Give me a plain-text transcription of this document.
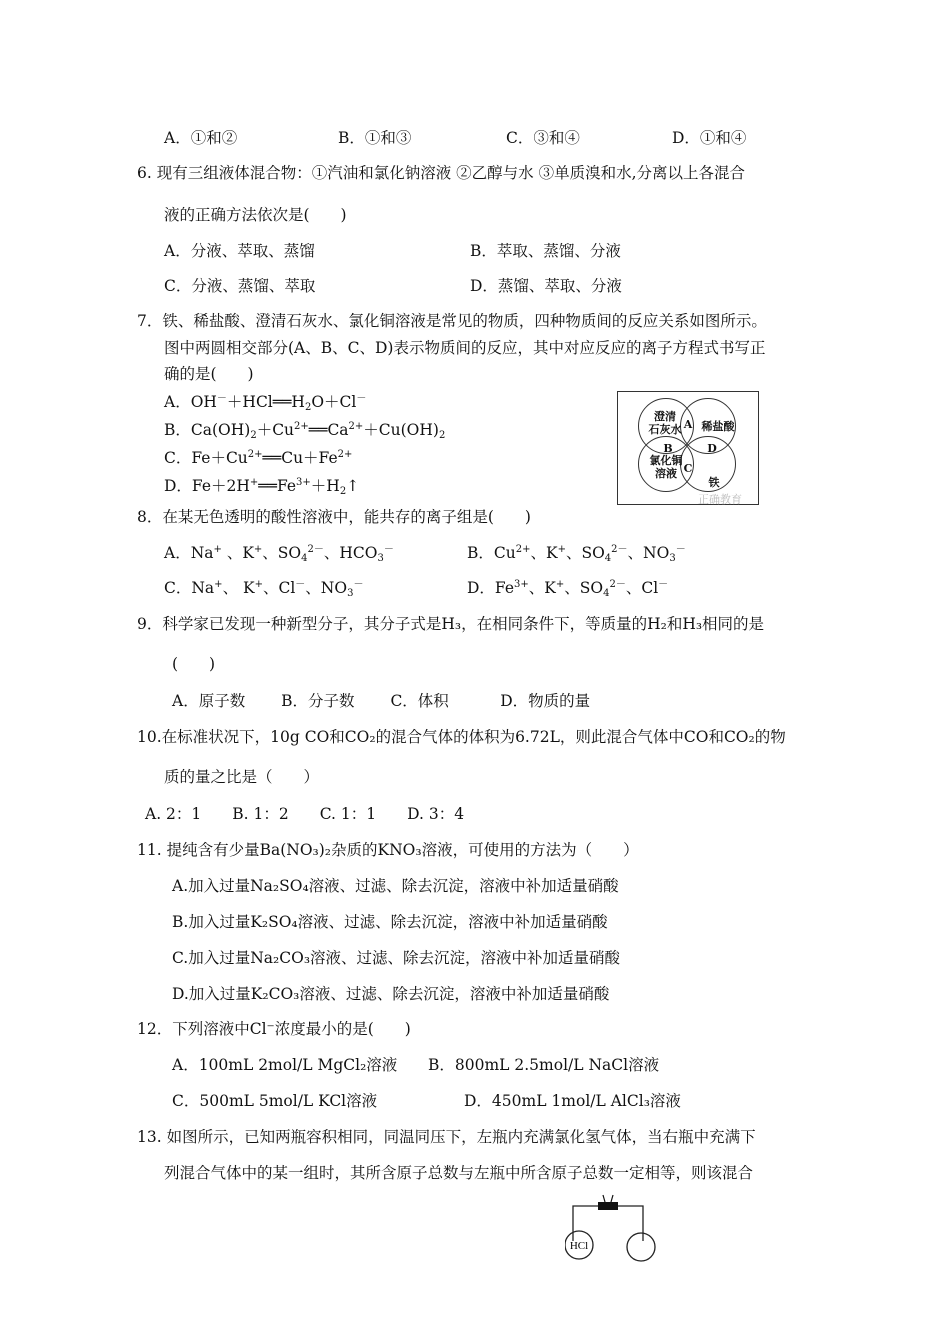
A．①和②	B．①和③	C．③和④	D．①和④
6. 现有三组液体混合物：①汽油和氯化钠溶液 ②乙醇与水 ③单质溴和水,分离以上各混合
液的正确方法依次是(　　)
A．分液、萃取、蒸馏	B．萃取、蒸馏、分液
C．分液、蒸馏、萃取	D．蒸馏、萃取、分液
7．铁、稀盐酸、澄清石灰水、氯化铜溶液是常见的物质，四种物质间的反应关系如图所示。
图中两圆相交部分(A、B、C、D)表示物质间的反应，其中对应反应的离子方程式书写正
确的是(　　)
A．$OH^-+HCl══H_2O+Cl^-$
B．$Ca(OH)_2+Cu^{2+}══Ca^{2+}+Cu(OH)_2$
C．$Fe+Cu^{2+}══Cu+Fe^{2+}$
D．$Fe+2H^+══Fe^{3+}+H_2↑$
澄清
石灰水	稀盐酸
氯化铜
溶液
铁
A
B
C
D
正确教育
8．在某无色透明的酸性溶液中，能共存的离子组是(　　)
A．Na+ 、K+、$SO_4^{2-}$、$HCO_3^-$	B．$Cu^{2+}$、K+、$SO_4^{2-}$、$NO_3^-$
C．Na+、 K+、Cl－、$NO_3^-$	D．$Fe^{3+}$、K+、$SO_4^{2-}$、Cl－
9．科学家已发现一种新型分子，其分子式是H₃，在相同条件下，等质量的H₂和H₃相同的是
(　　)
A．原子数　　 B．分子数　　 C．体积　　　 D．物质的量
10.在标准状况下，10g CO和CO₂的混合气体的体积为6.72L，则此混合气体中CO和CO₂的物
质的量之比是（　　）
A. 2：1　　B. 1：2　　C. 1：1　　D. 3：4
11. 提纯含有少量Ba(NO₃)₂杂质的KNO₃溶液，可使用的方法为（　　）
A.加入过量Na₂SO₄溶液、过滤、除去沉淀，溶液中补加适量硝酸
B.加入过量K₂SO₄溶液、过滤、除去沉淀，溶液中补加适量硝酸
C.加入过量Na₂CO₃溶液、过滤、除去沉淀，溶液中补加适量硝酸
D.加入过量K₂CO₃溶液、过滤、除去沉淀，溶液中补加适量硝酸
12．下列溶液中Cl⁻浓度最小的是(　　)
A．100mL 2mol/L MgCl₂溶液 B．800mL 2.5mol/L NaCl溶液
C．500mL 5mol/L KCl溶液	D．450mL 1mol/L AlCl₃溶液
13. 如图所示，已知两瓶容积相同，同温同压下，左瓶内充满氯化氢气体，当右瓶中充满下
列混合气体中的某一组时，其所含原子总数与左瓶中所含原子总数一定相等，则该混合
HCl
